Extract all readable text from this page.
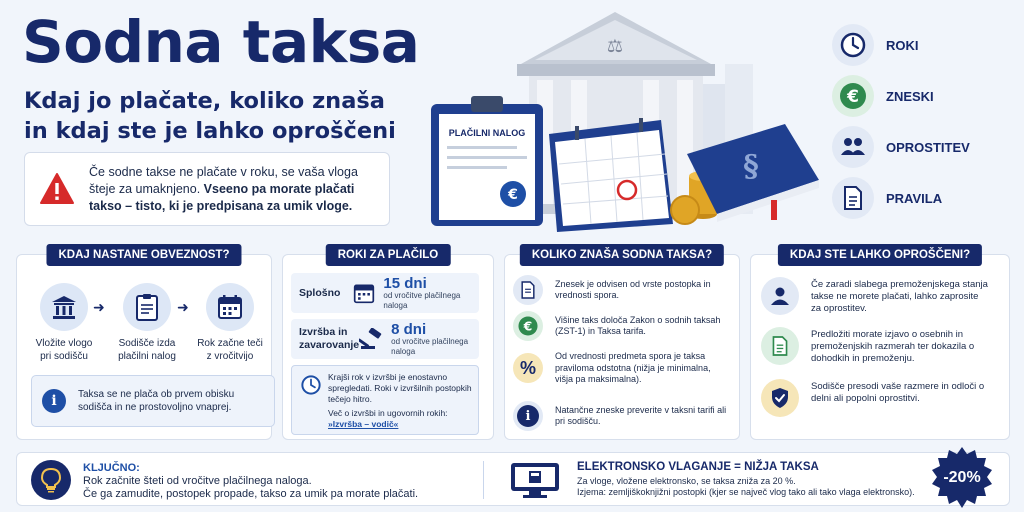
Sodna taksa
Kdaj jo plačate, koliko znaša in kdaj ste je lahko oproščeni
Če sodne takse ne plačate v roku, se vaša vloga šteje za umaknjeno. Vseeno pa morate plačati takso – tisto, ki je predpisana za umik vloge.
⚖
PLAČILNI NALOG
€
§
ROKI
€ ZNESKI
OPROSTITEV
PRAVILA
KDAJ NASTANE OBVEZNOST?
Vložite vlogo pri sodišču
Sodišče izda plačilni nalog
Rok začne teči z vročitvijo
➜	➜
i	Taksa se ne plača ob prvem obisku sodišča in ne prostovoljno vnaprej.
ROKI ZA PLAČILO
Splošno
15 dni
od vročitve plačilnega naloga
Izvršba in zavarovanje
8 dni
od vročitve plačilnega naloga
Krajši rok v izvršbi je enostavno spregledati. Roki v izvršilnih postopkih tečejo hitro.
Več o izvršbi in ugovornih rokih:
»Izvršba – vodič«
KOLIKO ZNAŠA SODNA TAKSA?
Znesek je odvisen od vrste postopka in vrednosti spora.
€	Višine taks določa Zakon o sodnih taksah (ZST-1) in Taksa tarifa.
%
Od vrednosti predmeta spora je taksa praviloma odstotna (nižja je minimalna, višja pa maksimalna).
i	Natančne zneske preverite v taksni tarifi ali pri sodišču.
KDAJ STE LAHKO OPROŠČENI?
Če zaradi slabega premoženjskega stanja takse ne morete plačati, lahko zaprosite za oprostitev.
Predložiti morate izjavo o osebnih in premoženjskih razmerah ter dokazila o dohodkih in premoženju.
Sodišče presodi vaše razmere in odloči o delni ali popolni oprostitvi.
KLJUČNO:
Rok začnite šteti od vročitve plačilnega naloga.
Če ga zamudite, postopek propade, takso za umik pa morate plačati.
ELEKTRONSKO VLAGANJE = NIŽJA TAKSA
Za vloge, vložene elektronsko, se taksa zniža za 20 %.
Izjema: zemljiškoknjižni postopki (kjer se največ vlog tako ali tako vlaga elektronsko).
-20%
